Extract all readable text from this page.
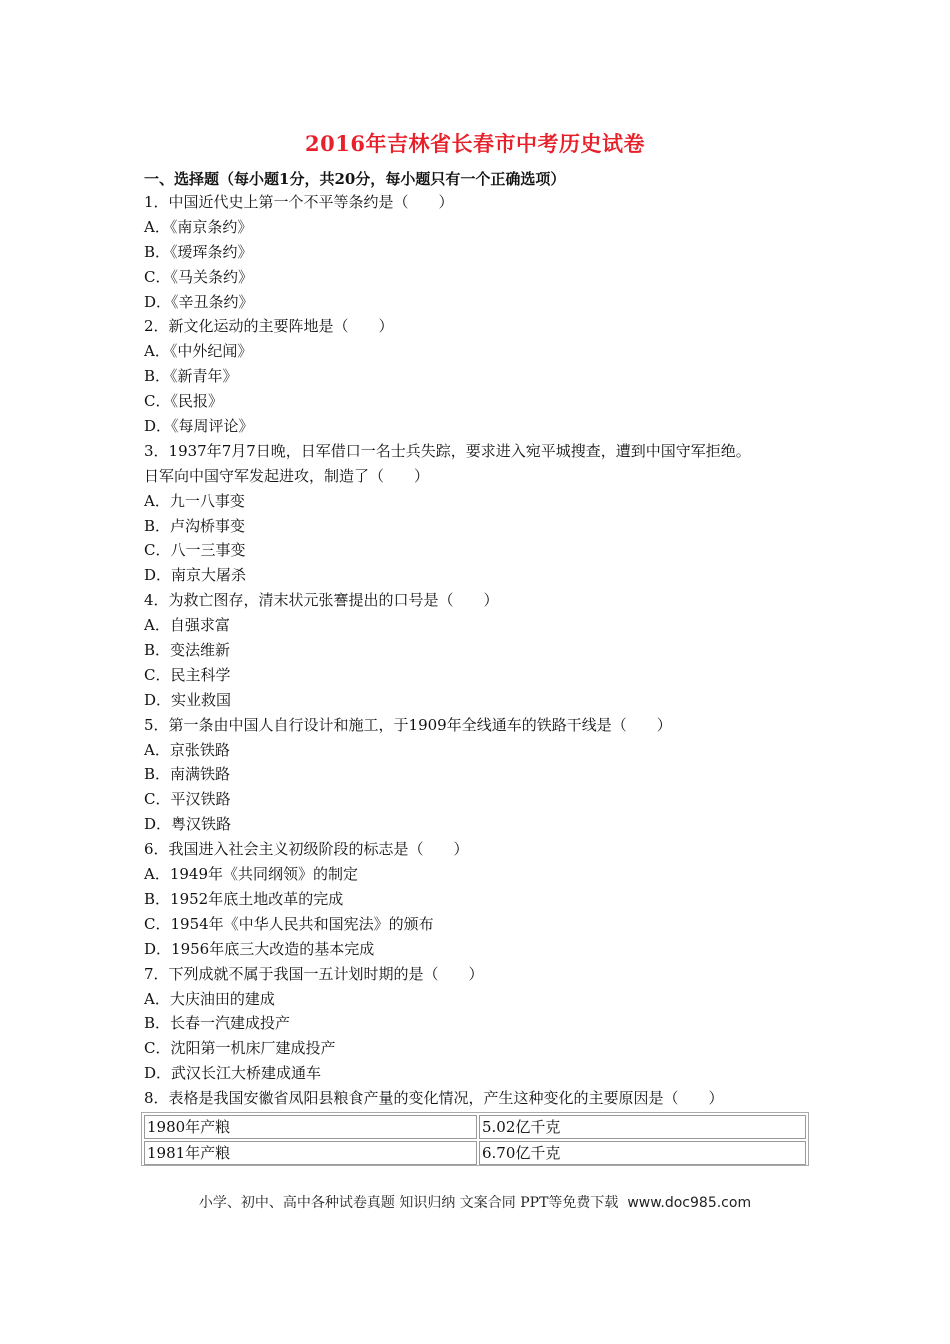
2016年吉林省长春市中考历史试卷
一、选择题（每小题1分，共20分，每小题只有一个正确选项）
1．中国近代史上第一个不平等条约是（　　）
A．《南京条约》
B．《瑷珲条约》
C．《马关条约》
D．《辛丑条约》
2．新文化运动的主要阵地是（　　）
A．《中外纪闻》
B．《新青年》
C．《民报》
D．《每周评论》
3．1937年7月7日晚，日军借口一名士兵失踪，要求进入宛平城搜查，遭到中国守军拒绝。
日军向中国守军发起进攻，制造了（　　）
A．九一八事变
B．卢沟桥事变
C．八一三事变
D．南京大屠杀
4．为救亡图存，清末状元张謇提出的口号是（　　）
A．自强求富
B．变法维新
C．民主科学
D．实业救国
5．第一条由中国人自行设计和施工，于1909年全线通车的铁路干线是（　　）
A．京张铁路
B．南满铁路
C．平汉铁路
D．粤汉铁路
6．我国进入社会主义初级阶段的标志是（　　）
A．1949年《共同纲领》的制定
B．1952年底土地改革的完成
C．1954年《中华人民共和国宪法》的颁布
D．1956年底三大改造的基本完成
7．下列成就不属于我国一五计划时期的是（　　）
A．大庆油田的建成
B．长春一汽建成投产
C．沈阳第一机床厂建成投产
D．武汉长江大桥建成通车
8．表格是我国安徽省凤阳县粮食产量的变化情况，产生这种变化的主要原因是（　　）
1980年产粮	5.02亿千克
1981年产粮	6.70亿千克
小学、初中、高中各种试卷真题 知识归纳 文案合同 PPT等免费下载 www.doc985.com
